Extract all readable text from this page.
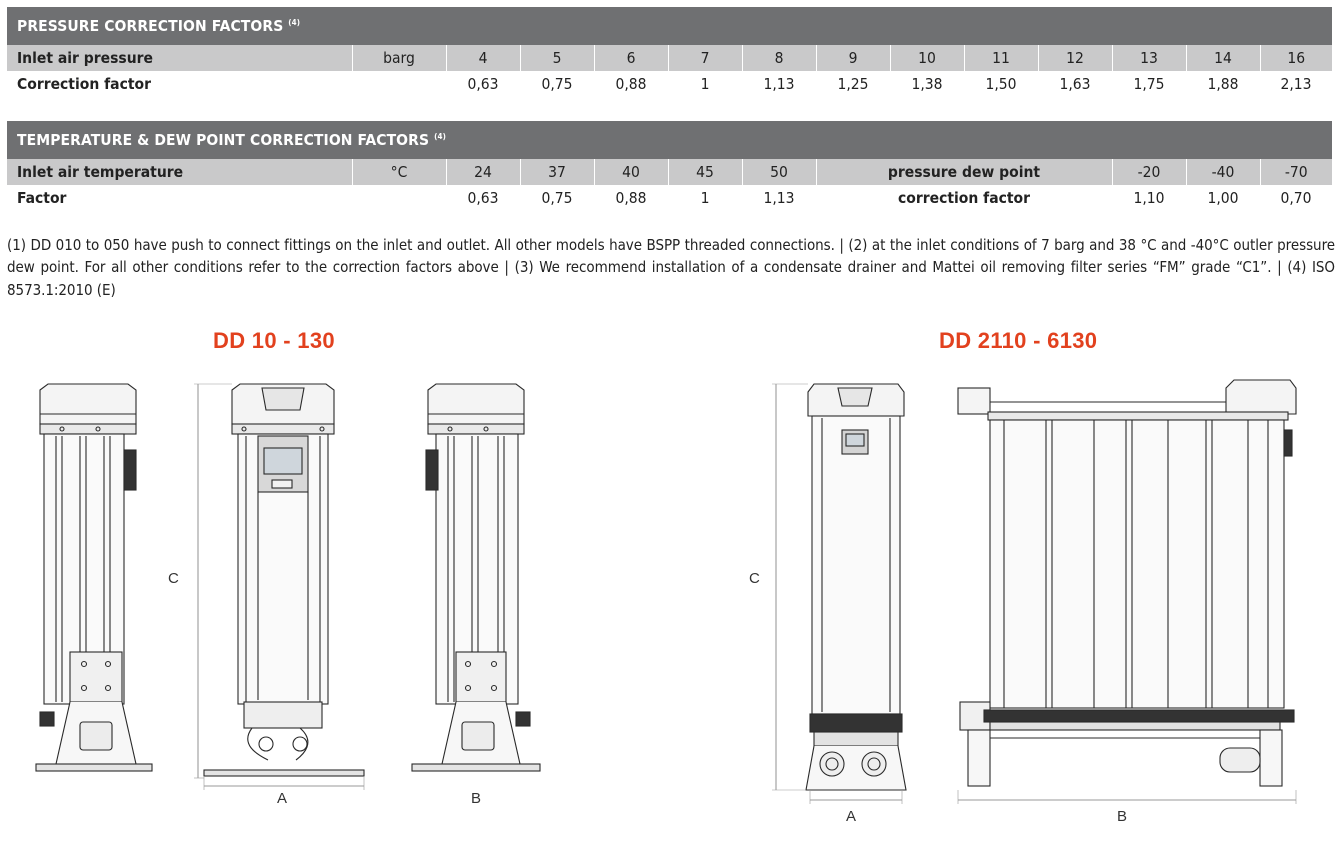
PRESSURE CORRECTION FACTORS $^{(4)}$
Inlet air pressure	barg	4	5	6	7	8	9	10	11	12	13	14	16
Correction factor		0,63	0,75	0,88	1	1,13	1,25	1,38	1,50	1,63	1,75	1,88	2,13
TEMPERATURE & DEW POINT CORRECTION FACTORS $^{(4)}$
Inlet air temperature	°C	24	37	40	45	50	pressure dew point	-20	-40	-70
Factor		0,63	0,75	0,88	1	1,13	correction factor	1,10	1,00	0,70

(1) DD 010 to 050 have push to connect fittings on the inlet and outlet. All other models have BSPP threaded connections. | (2) at the inlet conditions of 7 barg and 38 °C and -40°C outler pressure dew point. For all other conditions refer to the correction factors above | (3) We recommend installation of a condensate drainer and Mattei oil removing filter series “FM” grade “C1”. | (4) ISO 8573.1:2010 (E)

DD 10 - 130	DD 2110 - 6130
C
A	B
C
A	B
